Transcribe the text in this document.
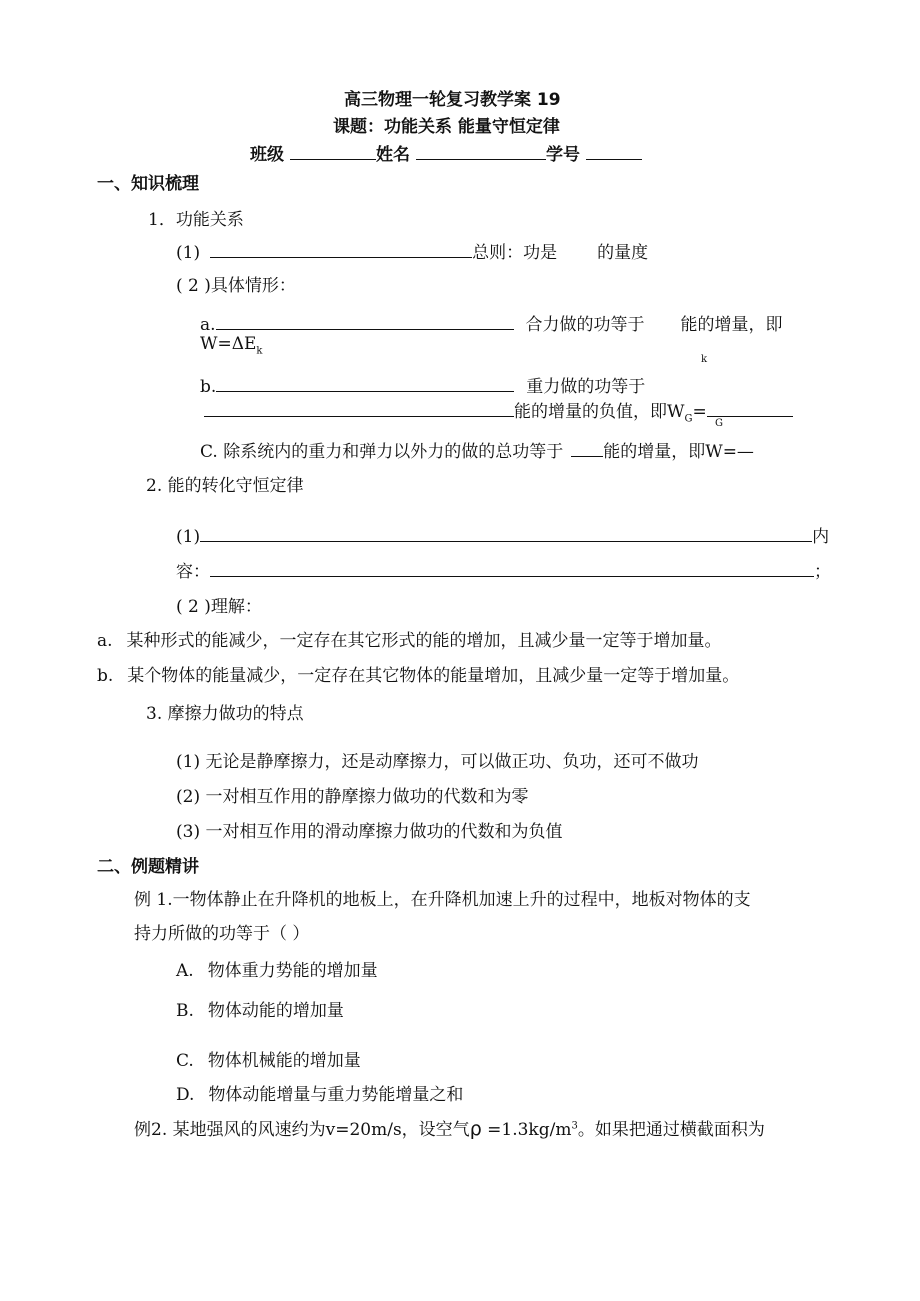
高三物理一轮复习教学案 19
课题：功能关系 能量守恒定律
班级	姓名	学号
一、知识梳理
1．功能关系
(1)	总则：功是 的量度
( 2 )具体情形：
a.	合力做的功等于 能的增量，即
$W=\Delta E_k$
k
b.	重力做的功等于
能的增量的负值，即$W_G=$
G
C. 除系统内的重力和弹力以外力的做的总功等于 能的增量，即W=—
2. 能的转化守恒定律
(1)	内
容：	；
( 2 )理解：
a. 某种形式的能减少，一定存在其它形式的能的增加，且减少量一定等于增加量。
b. 某个物体的能量减少，一定存在其它物体的能量增加，且减少量一定等于增加量。
3. 摩擦力做功的特点
(1) 无论是静摩擦力，还是动摩擦力，可以做正功、负功，还可不做功
(2) 一对相互作用的静摩擦力做功的代数和为零
(3) 一对相互作用的滑动摩擦力做功的代数和为负值
二、例题精讲
例 1.一物体静止在升降机的地板上，在升降机加速上升的过程中，地板对物体的支
持力所做的功等于（ ）
A. 物体重力势能的增加量
B. 物体动能的增加量
C. 物体机械能的增加量
D. 物体动能增量与重力势能增量之和
例2. 某地强风的风速约为v=20m/s，设空气$\rho =1.3kg/m^3$。如果把通过横截面积为
